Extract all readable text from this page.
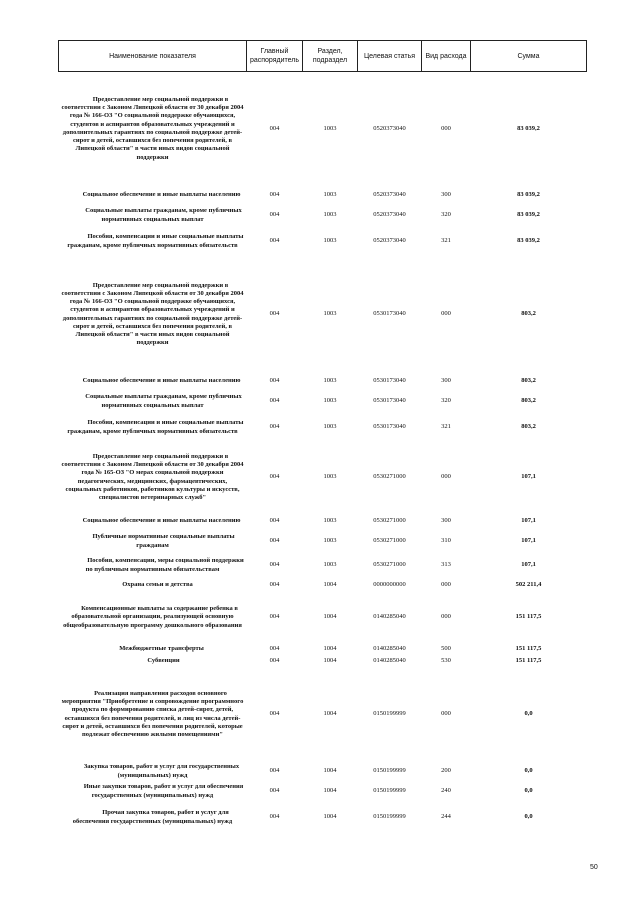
Наименование показателя	Главный распорядитель	Раздел, подраздел	Целевая статья	Вид расхода	Сумма

Предоставление мер социальной поддержки в соответствии с Законом Липецкой области от 30 декабря 2004 года № 166-ОЗ "О социальной поддержке обучающихся, студентов и аспирантов образовательных учреждений и дополнительных гарантиях по социальной поддержке детей-сирот и детей, оставшихся без попечения родителей, в Липецкой области" в части иных видов социальной поддержки	004	1003	0520373040	000	83 039,2

Социальное обеспечение и иные выплаты населению	004	1003	0520373040	300	83 039,2

Социальные выплаты гражданам, кроме публичных нормативных социальных выплат	004	1003	0520373040	320	83 039,2

Пособия, компенсации и иные социальные выплаты гражданам, кроме публичных нормативных обязательств	004	1003	0520373040	321	83 039,2

Предоставление мер социальной поддержки в соответствии с Законом Липецкой области от 30 декабря 2004 года № 166-ОЗ "О социальной поддержке обучающихся, студентов и аспирантов образовательных учреждений и дополнительных гарантиях по социальной поддержке детей-сирот и детей, оставшихся без попечения родителей, в Липецкой области" в части иных видов социальной поддержки	004	1003	0530173040	000	803,2

Социальное обеспечение и иные выплаты населению	004	1003	0530173040	300	803,2

Социальные выплаты гражданам, кроме публичных нормативных социальных выплат	004	1003	0530173040	320	803,2

Пособия, компенсации и иные социальные выплаты гражданам, кроме публичных нормативных обязательств	004	1003	0530173040	321	803,2

Предоставление мер социальной поддержки в соответствии с Законом Липецкой области от 30 декабря 2004 года № 165-ОЗ "О мерах социальной поддержки педагогических, медицинских, фармацевтических, социальных работников, работников культуры и искусств, специалистов ветеринарных служб"	004	1003	0530271000	000	107,1

Социальное обеспечение и иные выплаты населению	004	1003	0530271000	300	107,1

Публичные нормативные социальные выплаты гражданам	004	1003	0530271000	310	107,1

Пособия, компенсации, меры социальной поддержки по публичным нормативным обязательствам	004	1003	0530271000	313	107,1

Охрана семьи и детства	004	1004	0000000000	000	502 211,4

Компенсационные выплаты за содержание ребенка в образовательной организации, реализующей основную общеобразовательную программу дошкольного образования	004	1004	0140285040	000	151 117,5

Межбюджетные трансферты	004	1004	0140285040	500	151 117,5

Субвенции	004	1004	0140285040	530	151 117,5

Реализация направления расходов основного мероприятия "Приобретение и сопровождение программного продукта по формированию списка детей-сирот, детей, оставшихся без попечения родителей, и лиц из числа детей-сирот и детей, оставшихся без попечения родителей, которые подлежат обеспечению жилыми помещениями"	004	1004	0150199999	000	0,0

Закупка товаров, работ и услуг для государственных (муниципальных) нужд	004	1004	0150199999	200	0,0

Иные закупки товаров, работ и услуг для обеспечения государственных (муниципальных) нужд	004	1004	0150199999	240	0,0

Прочая закупка товаров, работ и услуг для обеспечения государственных (муниципальных) нужд	004	1004	0150199999	244	0,0
50
